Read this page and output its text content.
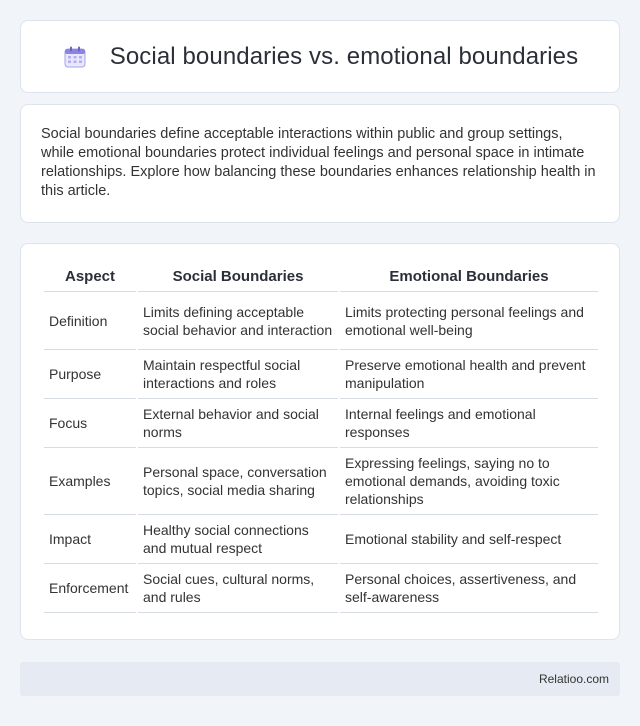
Social boundaries vs. emotional boundaries

Social boundaries define acceptable interactions within public and group settings, while emotional boundaries protect individual feelings and personal space in intimate relationships. Explore how balancing these boundaries enhances relationship health in this article.

Aspect	Social Boundaries	Emotional Boundaries
Definition	Limits defining acceptable social behavior and interaction	Limits protecting personal feelings and emotional well-being
Purpose	Maintain respectful social interactions and roles	Preserve emotional health and prevent manipulation
Focus	External behavior and social norms	Internal feelings and emotional responses
Examples	Personal space, conversation topics, social media sharing	Expressing feelings, saying no to emotional demands, avoiding toxic relationships
Impact	Healthy social connections and mutual respect	Emotional stability and self-respect
Enforcement	Social cues, cultural norms, and rules	Personal choices, assertiveness, and self-awareness
Relatioo.com
